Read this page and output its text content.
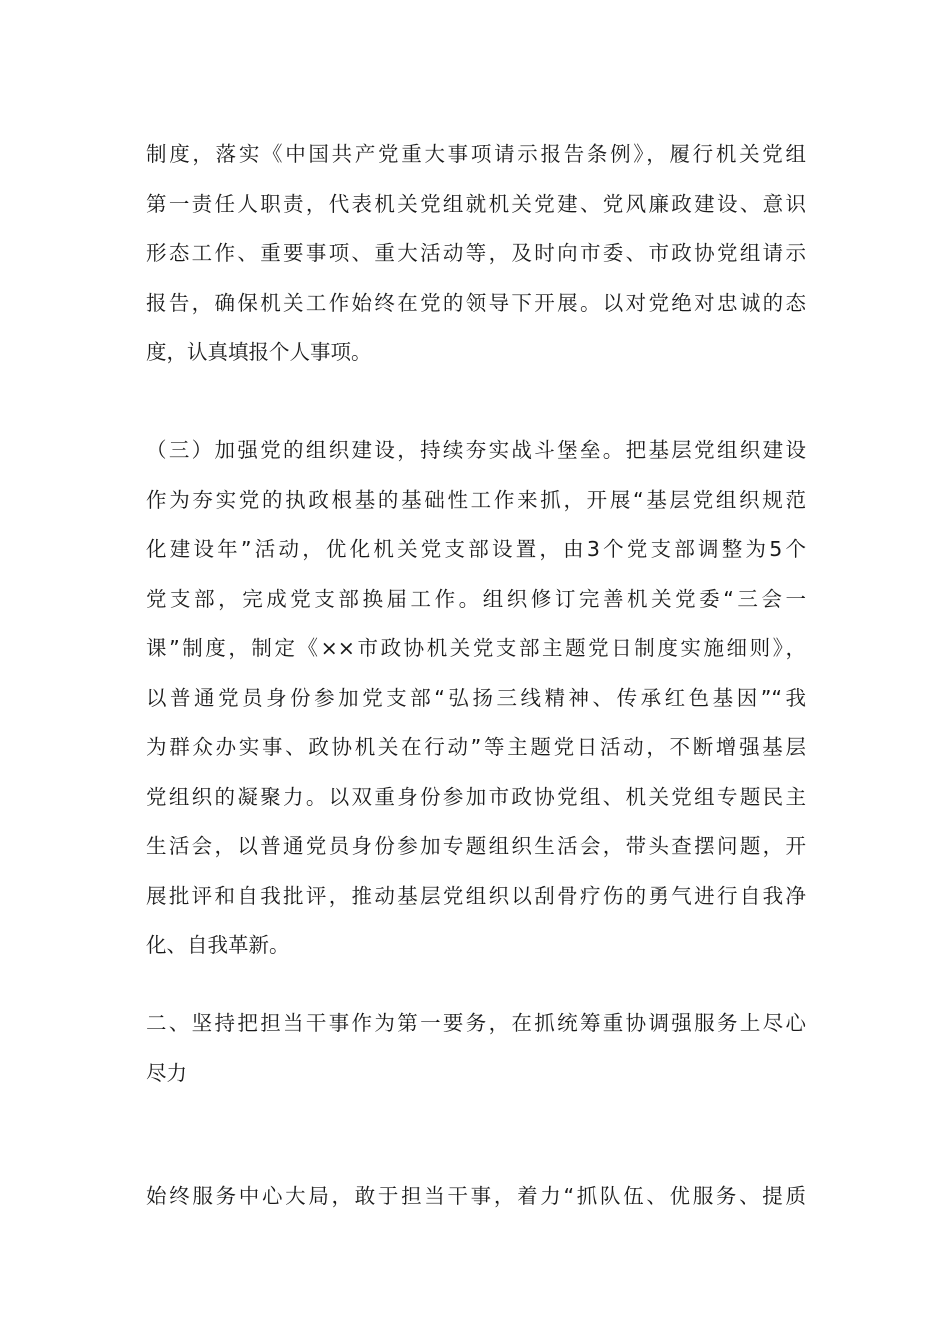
制度，落实《中国共产党重大事项请示报告条例》，履行机关党组
第一责任人职责，代表机关党组就机关党建、党风廉政建设、意识
形态工作、重要事项、重大活动等，及时向市委、市政协党组请示
报告，确保机关工作始终在党的领导下开展。以对党绝对忠诚的态
度，认真填报个人事项。
（三）加强党的组织建设，持续夯实战斗堡垒。把基层党组织建设
作为夯实党的执政根基的基础性工作来抓，开展“基层党组织规范
化建设年”活动，优化机关党支部设置，由3个党支部调整为5个
党支部，完成党支部换届工作。组织修订完善机关党委“三会一
课”制度，制定《××市政协机关党支部主题党日制度实施细则》，
以普通党员身份参加党支部“弘扬三线精神、传承红色基因”“我
为群众办实事、政协机关在行动”等主题党日活动，不断增强基层
党组织的凝聚力。以双重身份参加市政协党组、机关党组专题民主
生活会，以普通党员身份参加专题组织生活会，带头查摆问题，开
展批评和自我批评，推动基层党组织以刮骨疗伤的勇气进行自我净
化、自我革新。
二、坚持把担当干事作为第一要务，在抓统筹重协调强服务上尽心
尽力
始终服务中心大局，敢于担当干事，着力“抓队伍、优服务、提质
